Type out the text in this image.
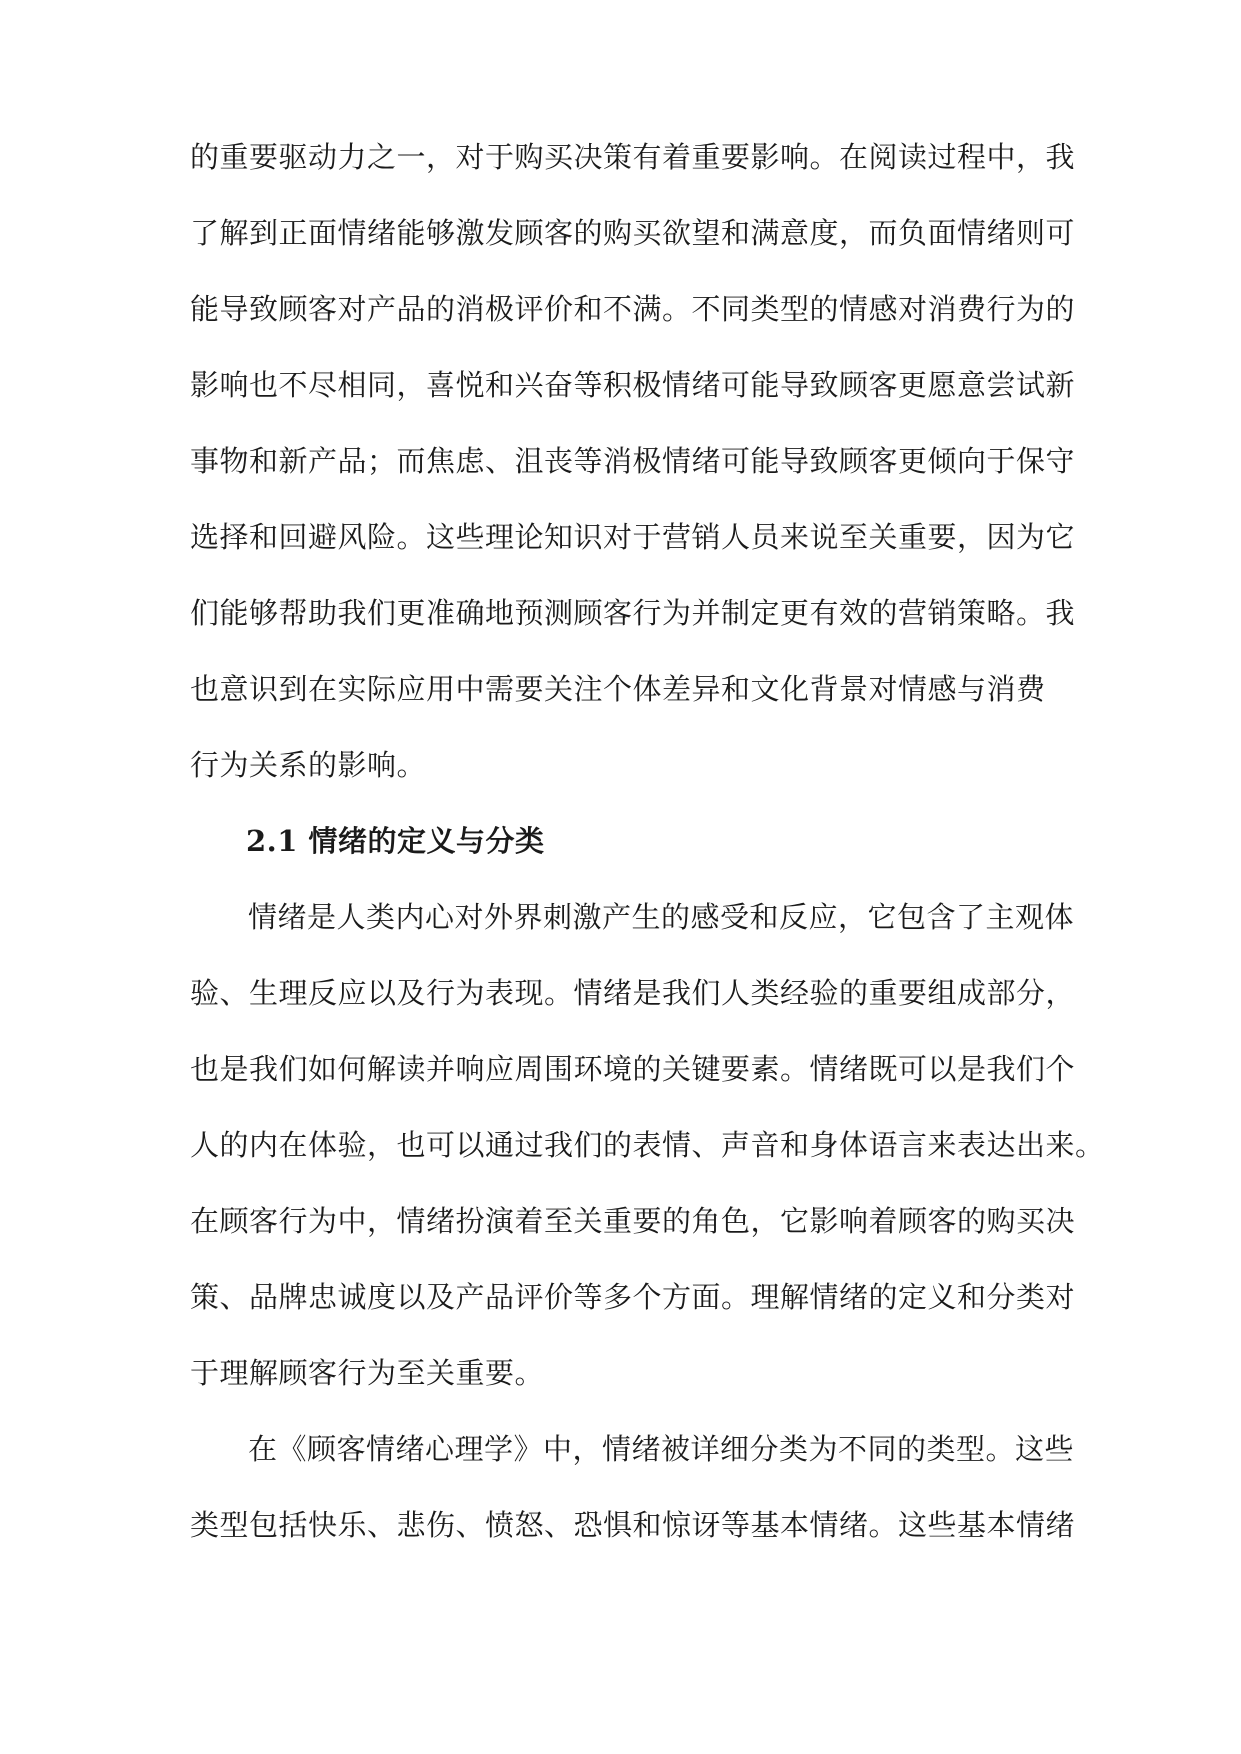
的重要驱动力之一，对于购买决策有着重要影响。在阅读过程中，我
了解到正面情绪能够激发顾客的购买欲望和满意度，而负面情绪则可
能导致顾客对产品的消极评价和不满。不同类型的情感对消费行为的
影响也不尽相同，喜悦和兴奋等积极情绪可能导致顾客更愿意尝试新
事物和新产品；而焦虑、沮丧等消极情绪可能导致顾客更倾向于保守
选择和回避风险。这些理论知识对于营销人员来说至关重要，因为它
们能够帮助我们更准确地预测顾客行为并制定更有效的营销策略。我
也意识到在实际应用中需要关注个体差异和文化背景对情感与消费
行为关系的影响。
2.1 情绪的定义与分类
情绪是人类内心对外界刺激产生的感受和反应，它包含了主观体
验、生理反应以及行为表现。情绪是我们人类经验的重要组成部分，
也是我们如何解读并响应周围环境的关键要素。情绪既可以是我们个
人的内在体验，也可以通过我们的表情、声音和身体语言来表达出来。
在顾客行为中，情绪扮演着至关重要的角色，它影响着顾客的购买决
策、品牌忠诚度以及产品评价等多个方面。理解情绪的定义和分类对
于理解顾客行为至关重要。
在《顾客情绪心理学》中，情绪被详细分类为不同的类型。这些
类型包括快乐、悲伤、愤怒、恐惧和惊讶等基本情绪。这些基本情绪
